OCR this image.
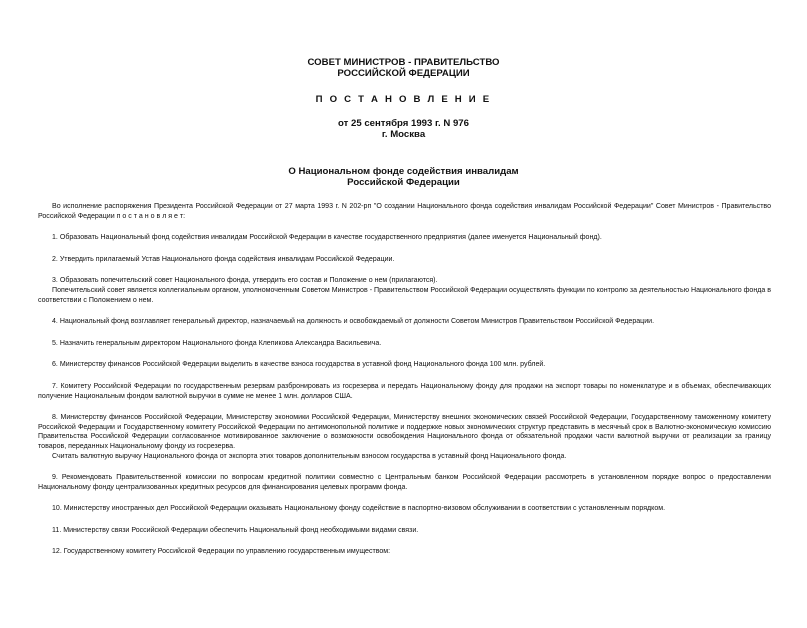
СОВЕТ МИНИСТРОВ - ПРАВИТЕЛЬСТВО
РОССИЙСКОЙ ФЕДЕРАЦИИ
П О С Т А Н О В Л Е Н И Е
от 25 сентября 1993 г. N 976
г. Москва
О Национальном фонде содействия инвалидам
Российской Федерации

Во исполнение распоряжения Президента Российской Федерации от 27 марта 1993 г. N 202-рп "О создании Национального фонда содействия инвалидам Российской Федерации" Совет Министров - Правительство Российской Федерации п о с т а н о в л я е т:

1. Образовать Национальный фонд содействия инвалидам Российской Федерации в качестве государственного предприятия (далее именуется Национальный фонд).

2. Утвердить прилагаемый Устав Национального фонда содействия инвалидам Российской Федерации.

3. Образовать попечительский совет Национального фонда, утвердить его состав и Положение о нем (прилагаются).

Попечительский совет является коллегиальным органом, уполномоченным Советом Министров - Правительством Российской Федерации осуществлять функции по контролю за деятельностью Национального фонда в соответствии с Положением о нем.

4. Национальный фонд возглавляет генеральный директор, назначаемый на должность и освобождаемый от должности Советом Министров Правительством Российской Федерации.

5. Назначить генеральным директором Национального фонда Клепикова Александра Васильевича.

6. Министерству финансов Российской Федерации выделить в качестве взноса государства в уставной фонд Национального фонда 100 млн. рублей.

7. Комитету Российской Федерации по государственным резервам разбронировать из госрезерва и передать Национальному фонду для продажи на экспорт товары по номенклатуре и в объемах, обеспечивающих получение Национальным фондом валютной выручки в сумме не менее 1 млн. долларов США.

8. Министерству финансов Российской Федерации, Министерству экономики Российской Федерации, Министерству внешних экономических связей Российской Федерации, Государственному таможенному комитету Российской Федерации и Государственному комитету Российской Федерации по антимонопольной политике и поддержке новых экономических структур представить в месячный срок в Валютно-экономическую комиссию Правительства Российской Федерации согласованное мотивированное заключение о возможности освобождения Национального фонда от обязательной продажи части валютной выручки от реализации за границу товаров, переданных Национальному фонду из госрезерва.

Считать валютную выручку Национального фонда от экспорта этих товаров дополнительным взносом государства в уставный фонд Национального фонда.

9. Рекомендовать Правительственной комиссии по вопросам кредитной политики совместно с Центральным банком Российской Федерации рассмотреть в установленном порядке вопрос о предоставлении Национальному фонду централизованных кредитных ресурсов для финансирования целевых программ фонда.

10. Министерству иностранных дел Российской Федерации оказывать Национальному фонду содействие в паспортно-визовом обслуживании в соответствии с установленным порядком.

11. Министерству связи Российской Федерации обеспечить Национальный фонд необходимыми видами связи.

12. Государственному комитету Российской Федерации по управлению государственным имуществом:
